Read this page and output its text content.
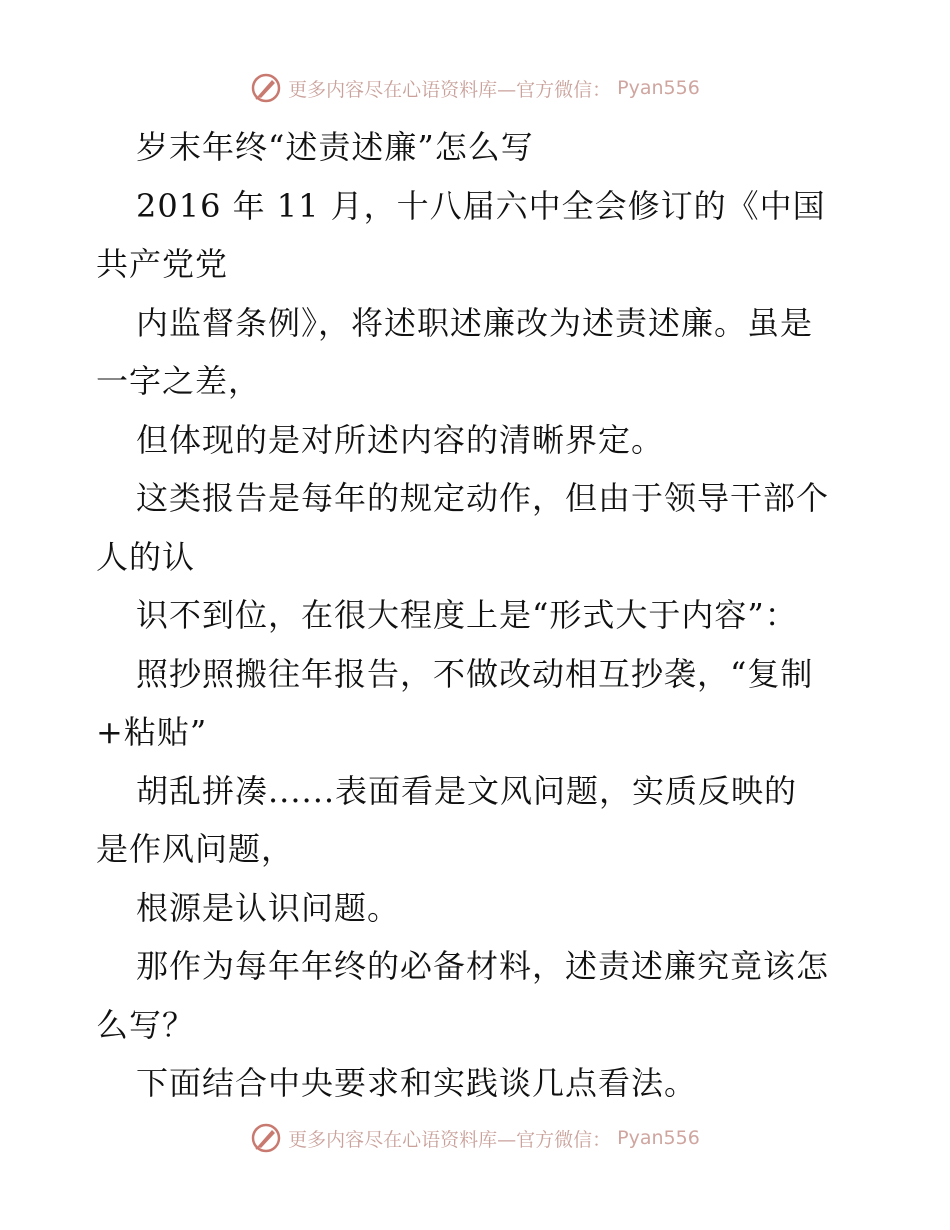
更多内容尽在心语资料库—官方微信： Pyan556
岁末年终“述责述廉”怎么写
2016 年 11 月，十八届六中全会修订的《中国
共产党党
内监督条例》，将述职述廉改为述责述廉。虽是
一字之差，
但体现的是对所述内容的清晰界定。
这类报告是每年的规定动作，但由于领导干部个
人的认
识不到位，在很大程度上是“形式大于内容”：
照抄照搬往年报告，不做改动相互抄袭，“复制
+粘贴”
胡乱拼凑......表面看是文风问题，实质反映的
是作风问题，
根源是认识问题。
那作为每年年终的必备材料，述责述廉究竟该怎
么写？
下面结合中央要求和实践谈几点看法。
更多内容尽在心语资料库—官方微信： Pyan556
